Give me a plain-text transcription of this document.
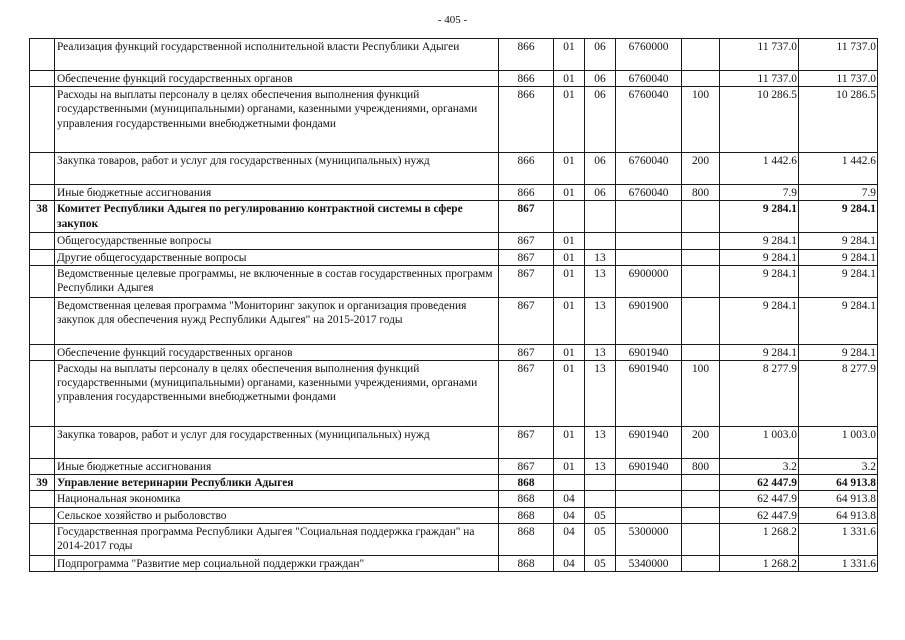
- 405 -
	Реализация функций государственной исполнительной власти Республики Адыгеи	866	01	06	6760000		11 737.0	11 737.0
	Обеспечение функций государственных органов	866	01	06	6760040		11 737.0	11 737.0
	Расходы на выплаты персоналу в целях обеспечения выполнения функций государственными (муниципальными) органами, казенными учреждениями, органами управления государственными внебюджетными фондами	866	01	06	6760040	100	10 286.5	10 286.5
	Закупка товаров, работ и услуг для государственных (муниципальных) нужд	866	01	06	6760040	200	1 442.6	1 442.6
	Иные бюджетные ассигнования	866	01	06	6760040	800	7.9	7.9
38	Комитет Республики Адыгея по регулированию контрактной системы в сфере закупок	867					9 284.1	9 284.1
	Общегосударственные вопросы	867	01				9 284.1	9 284.1
	Другие общегосударственные вопросы	867	01	13			9 284.1	9 284.1
	Ведомственные целевые программы, не включенные в состав государственных программ Республики Адыгея	867	01	13	6900000		9 284.1	9 284.1
	Ведомственная целевая программа "Мониторинг закупок и организация проведения закупок для обеспечения нужд Республики Адыгея" на 2015-2017 годы	867	01	13	6901900		9 284.1	9 284.1
	Обеспечение функций государственных органов	867	01	13	6901940		9 284.1	9 284.1
	Расходы на выплаты персоналу в целях обеспечения выполнения функций государственными (муниципальными) органами, казенными учреждениями, органами управления государственными внебюджетными фондами	867	01	13	6901940	100	8 277.9	8 277.9
	Закупка товаров, работ и услуг для государственных (муниципальных) нужд	867	01	13	6901940	200	1 003.0	1 003.0
	Иные бюджетные ассигнования	867	01	13	6901940	800	3.2	3.2
39	Управление ветеринарии Республики Адыгея	868					62 447.9	64 913.8
	Национальная экономика	868	04				62 447.9	64 913.8
	Сельское хозяйство и рыболовство	868	04	05			62 447.9	64 913.8
	Государственная программа Республики Адыгея "Социальная поддержка граждан" на 2014-2017 годы	868	04	05	5300000		1 268.2	1 331.6
	Подпрограмма "Развитие мер социальной поддержки граждан"	868	04	05	5340000		1 268.2	1 331.6
